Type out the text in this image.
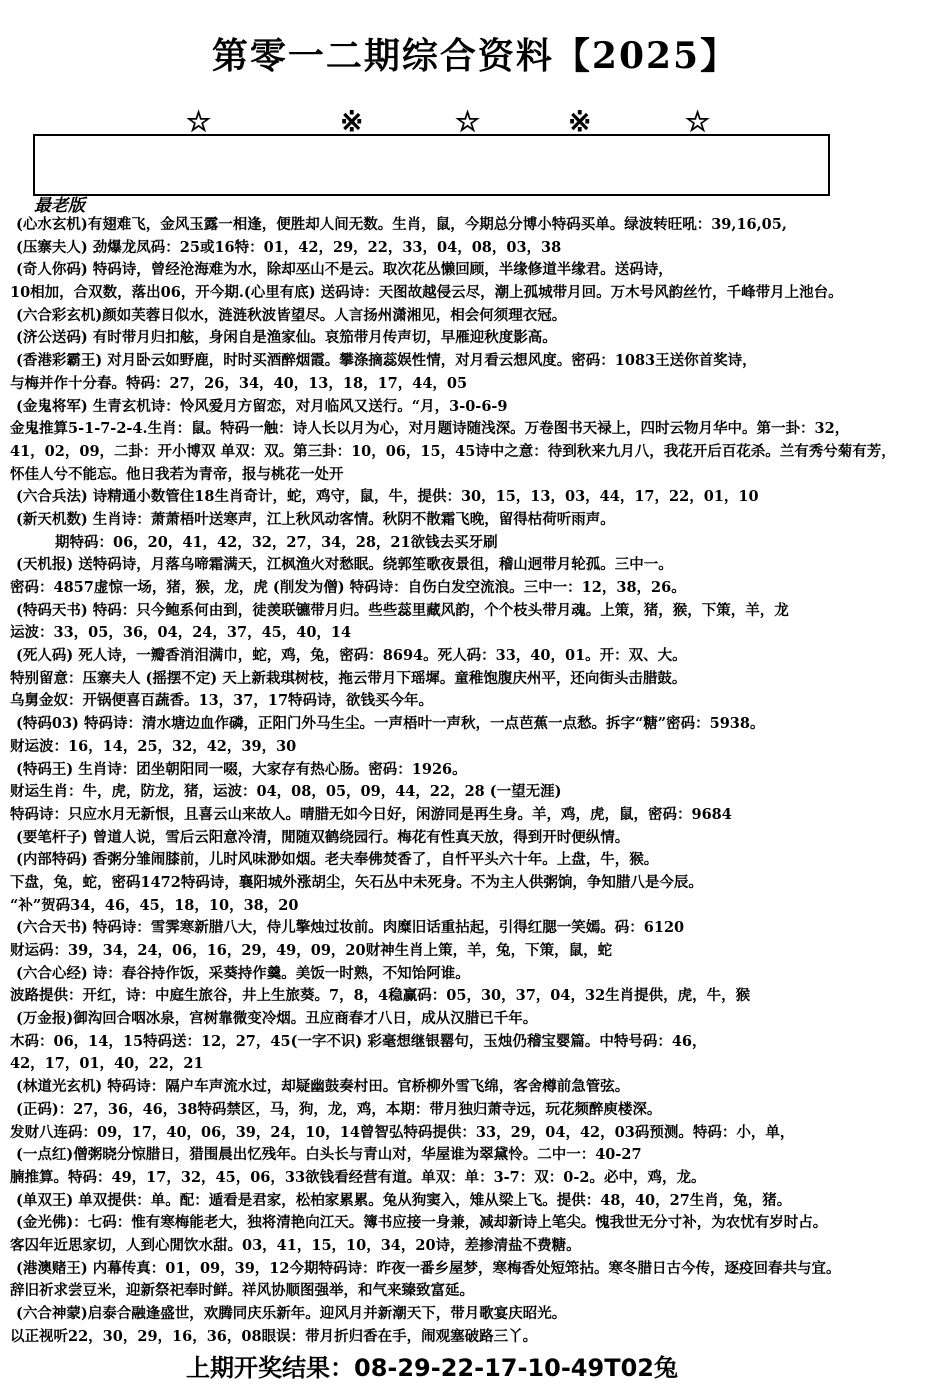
第零一二期综合资料【2025】
☆	※	☆	※	☆
最老版
(心水玄机)有翅难飞，金风玉露一相逢，便胜却人间无数。生肖，鼠，今期总分博小特码买单。绿波转旺吼：39,16,05,
(压寨夫人) 劲爆龙凤码：25或16特：01，42，29，22，33，04，08，03，38
(奇人你码) 特码诗，曾经沧海难为水，除却巫山不是云。取次花丛懒回顾，半缘修道半缘君。送码诗，
10相加，合双数，落出06，开今期.(心里有底) 送码诗：天图故越侵云尽，潮上孤城带月回。万木号风韵丝竹，千峰带月上池台。
(六合彩玄机)颜如芙蓉日似水，涟涟秋波皆望尽。人言扬州潇湘见，相会何须理衣冠。
(济公送码) 有时带月归扣舷，身闲自是渔家仙。哀笳带月传声切，早雁迎秋度影高。
(香港彩霸王) 对月卧云如野鹿，时时买酒醉烟霞。攀涤摘蕊娱性情，对月看云想风度。密码：1083王送你首奖诗，
与梅并作十分春。特码：27，26，34，40，13，18，17，44，05
(金鬼将军) 生青玄机诗：怜风爱月方留恋，对月临风又送行。“月，3-0-6-9
金鬼推算5-1-7-2-4.生肖：鼠。特码一触：诗人长以月为心，对月题诗随浅深。万卷图书天禄上，四时云物月华中。第一卦：32，
41，02，09，二卦：开小博双 单双：双。第三卦：10，06，15，45诗中之意：待到秋来九月八，我花开后百花杀。兰有秀兮菊有芳，
怀佳人兮不能忘。他日我若为青帝，报与桃花一处开
(六合兵法) 诗精通小数管住18生肖奇计，蛇，鸡守，鼠，牛，提供：30，15，13，03，44，17，22，01，10
(新天机数) 生肖诗：萧萧梧叶送寒声，江上秋风动客情。秋阴不散霜飞晚，留得枯荷听雨声。
期特码：06，20，41，42，32，27，34，28，21欲钱去买牙刷
(天机报) 送特码诗，月落乌啼霜满天，江枫渔火对愁眠。绕郭笙歌夜景徂，稽山迥带月轮孤。三中一。
密码：4857虚惊一场，猪，猴，龙，虎 (削发为僧) 特码诗：自伤白发空流浪。三中一：12，38，26。
(特码天书) 特码：只今鲍系何由到，徒羡联镳带月归。些些蕊里藏风韵，个个枝头带月魂。上策，猪，猴，下策，羊，龙
运波：33，05，36，04，24，37，45，40，14
(死人码) 死人诗，一瓣香消泪满巾，蛇，鸡，兔，密码：8694。死人码：33，40，01。开：双、大。
特别留意：压寨夫人 (摇摆不定) 天上新栽琪树枝，拖云带月下瑶墀。童稚饱腹庆州平，还向街头击腊鼓。
乌舅金奴：开锅便喜百蔬香。13，37，17特码诗，欲钱买今年。
(特码03) 特码诗：清水塘边血作磷，正阳门外马生尘。一声梧叶一声秋，一点芭蕉一点愁。拆字“糖”密码：5938。
财运波：16，14，25，32，42，39，30
(特码王) 生肖诗：团坐朝阳同一啜，大家存有热心肠。密码：1926。
财运生肖：牛，虎，防龙，猪，运波：04，08，05，09，44，22，28 (一望无涯)
特码诗：只应水月无新恨，且喜云山来故人。晴腊无如今日好，闲游同是再生身。羊，鸡，虎，鼠，密码：9684
(要笔杆子) 曾道人说，雪后云阳意冷清，閒随双鹤绕园行。梅花有性真天放，得到开时便纵情。
(内部特码) 香粥分雏闹膝前，儿时风味渺如烟。老夫奉佛焚香了，自忏平头六十年。上盘，牛，猴。
下盘，兔，蛇，密码1472特码诗，襄阳城外涨胡尘，矢石丛中未死身。不为主人供粥饷，争知腊八是今辰。
“补”贺码34，46，45，18，10，38，20
(六合天书) 特码诗：雪霁寒新腊八大，侍儿擎烛过妆前。肉糜旧话重拈起，引得红腮一笑嫣。码：6120
财运码：39，34，24，06，16，29，49，09，20财神生肖上策，羊，兔，下策，鼠，蛇
(六合心经) 诗：春谷持作饭，采葵持作羹。美饭一时熟，不知饴阿谁。
波路提供：开红，诗：中庭生旅谷，井上生旅葵。7，8，4稳赢码：05，30，37，04，32生肖提供，虎，牛，猴
(万金报)御沟回合咽冰泉，宫树靠微变冷烟。丑应商春才八日，成从汉腊已千年。
木码：06，14，15特码送：12，27，45(一字不识) 彩毫想继银罂句，玉烛仍稽宝婴篇。中特号码：46，
42，17，01，40，22，21
(林道光玄机) 特码诗：隔户车声流水过，却疑幽鼓奏村田。官桥柳外雪飞绵，客舍樽前急管弦。
(正码)：27，36，46，38特码禁区，马，狗，龙，鸡，本期：带月独归萧寺远，玩花频醉庾楼深。
发财八连码：09，17，40，06，39，24，10，14曾智弘特码提供：33，29，04，42，03码预测。特码：小，单，
(一点红)僧粥晓分惊腊日，猎围晨出忆残年。白头长与青山对，华屋谁为翠黛怜。二中一：40-27
腩推算。特码：49，17，32，45，06，33欲钱看经营有道。单双：单：3-7：双：0-2。必中，鸡，龙。
(单双王) 单双提供：单。配：遁看是君家，松柏家累累。兔从狗窦入，雉从梁上飞。提供：48，40，27生肖，兔，猪。
(金光佛)：七码：惟有寒梅能老大，独将清艳向江天。簿书应接一身兼，减却新诗上笔尖。愧我世无分寸补，为农忧有岁时占。
客囚年近思家切，人到心閒饮水甜。03，41，15，10，34，20诗，差掺清盐不费糖。
(港澳赌王) 内幕传真：01，09，39，12今期特码诗：昨夜一番乡屋梦，寒梅香处短筇拈。寒冬腊日古今传，逐疫回春共与宜。
辞旧祈求尝豆米，迎新祭祀奉时鲜。祥风协顺图强举，和气来臻致富延。
(六合神蒙)启泰合融逢盛世，欢腾同庆乐新年。迎风月并新潮天下，带月歌宴庆昭光。
以正视听22，30，29，16，36，08眼误：带月折归香在手，闹观塞破路三丫。
上期开奖结果：08-29-22-17-10-49T02兔
